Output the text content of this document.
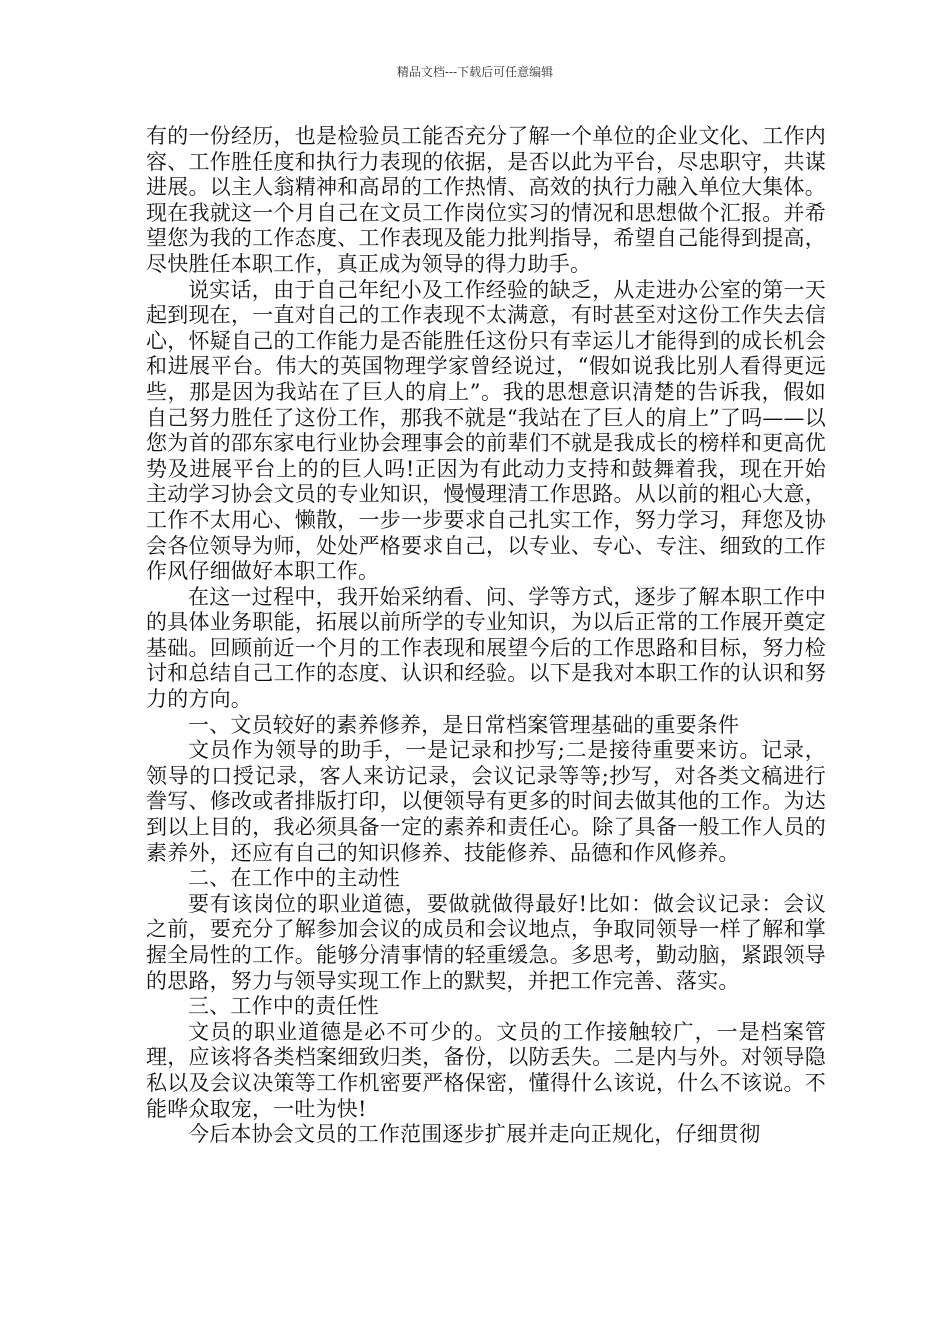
精品文档---下载后可任意编辑

有的一份经历，也是检验员工能否充分了解一个单位的企业文化、工作内容、工作胜任度和执行力表现的依据，是否以此为平台，尽忠职守，共谋进展。以主人翁精神和高昂的工作热情、高效的执行力融入单位大集体。现在我就这一个月自己在文员工作岗位实习的情况和思想做个汇报。并希望您为我的工作态度、工作表现及能力批判指导，希望自己能得到提高，尽快胜任本职工作，真正成为领导的得力助手。

说实话，由于自己年纪小及工作经验的缺乏，从走进办公室的第一天起到现在，一直对自己的工作表现不太满意，有时甚至对这份工作失去信心，怀疑自己的工作能力是否能胜任这份只有幸运儿才能得到的成长机会和进展平台。伟大的英国物理学家曾经说过，“假如说我比别人看得更远些，那是因为我站在了巨人的肩上”。我的思想意识清楚的告诉我，假如自己努力胜任了这份工作，那我不就是“我站在了巨人的肩上”了吗——以您为首的邵东家电行业协会理事会的前辈们不就是我成长的榜样和更高优势及进展平台上的的巨人吗!正因为有此动力支持和鼓舞着我，现在开始主动学习协会文员的专业知识，慢慢理清工作思路。从以前的粗心大意，工作不太用心、懒散，一步一步要求自己扎实工作，努力学习，拜您及协会各位领导为师，处处严格要求自己，以专业、专心、专注、细致的工作作风仔细做好本职工作。

在这一过程中，我开始采纳看、问、学等方式，逐步了解本职工作中的具体业务职能，拓展以前所学的专业知识，为以后正常的工作展开奠定基础。回顾前近一个月的工作表现和展望今后的工作思路和目标，努力检讨和总结自己工作的态度、认识和经验。以下是我对本职工作的认识和努力的方向。

一、文员较好的素养修养，是日常档案管理基础的重要条件

文员作为领导的助手，一是记录和抄写;二是接待重要来访。记录，领导的口授记录，客人来访记录，会议记录等等;抄写，对各类文稿进行誊写、修改或者排版打印，以便领导有更多的时间去做其他的工作。为达到以上目的，我必须具备一定的素养和责任心。除了具备一般工作人员的素养外，还应有自己的知识修养、技能修养、品德和作风修养。

二、在工作中的主动性

要有该岗位的职业道德，要做就做得最好!比如：做会议记录：会议之前，要充分了解参加会议的成员和会议地点，争取同领导一样了解和掌握全局性的工作。能够分清事情的轻重缓急。多思考，勤动脑，紧跟领导的思路，努力与领导实现工作上的默契，并把工作完善、落实。

三、工作中的责任性

文员的职业道德是必不可少的。文员的工作接触较广，一是档案管理，应该将各类档案细致归类，备份，以防丢失。二是内与外。对领导隐私以及会议决策等工作机密要严格保密，懂得什么该说，什么不该说。不能哗众取宠，一吐为快!

今后本协会文员的工作范围逐步扩展并走向正规化，仔细贯彻
